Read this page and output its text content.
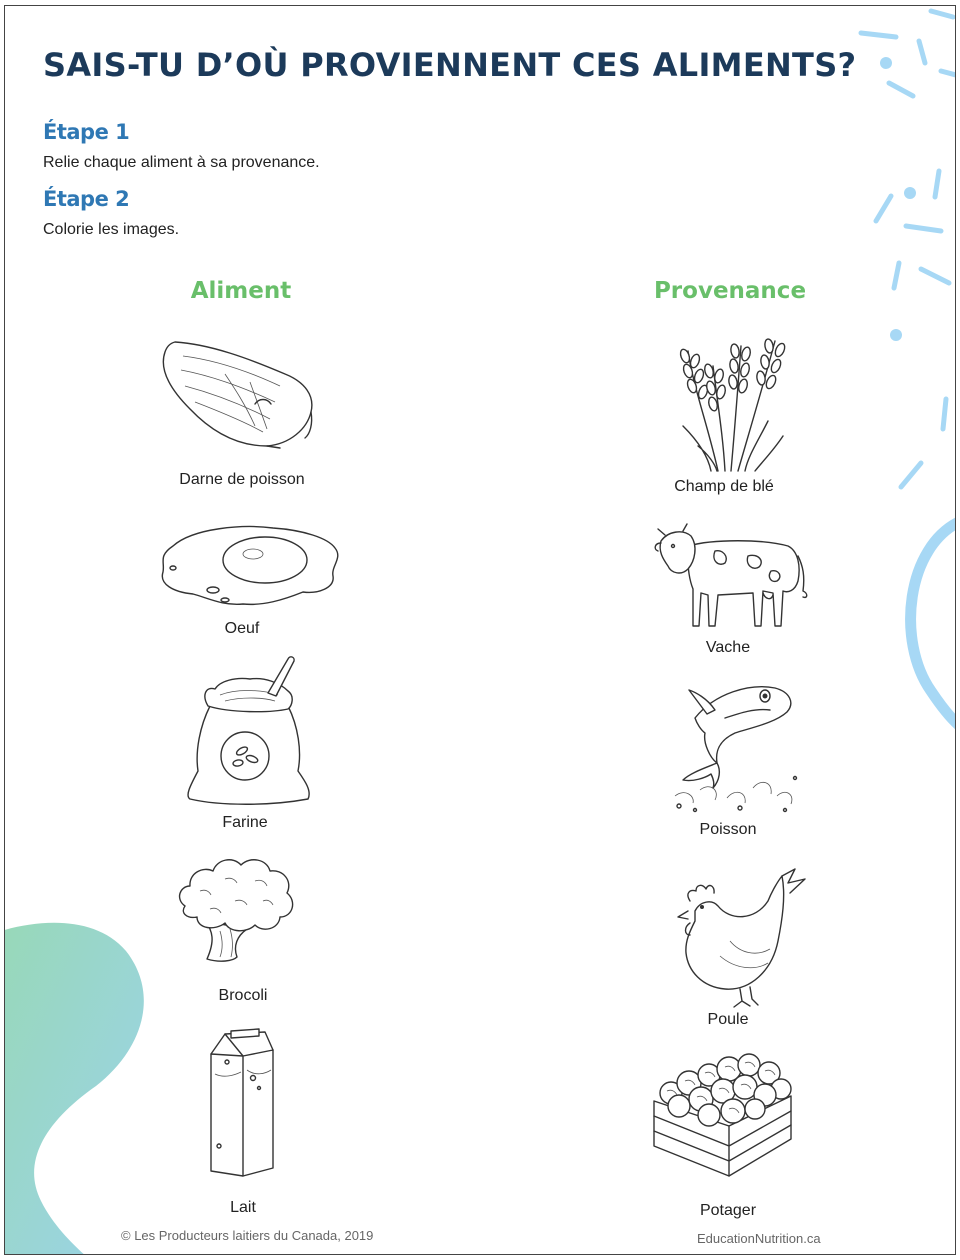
SAIS-TU D’OÙ PROVIENNENT CES ALIMENTS?
Étape 1
Relie chaque aliment à sa provenance.
Étape 2
Colorie les images.
Aliment	Provenance
Darne de poisson
Oeuf
Farine
Brocoli
Lait
Champ de blé
Vache
Poisson
Poule
Potager
© Les Producteurs laitiers du Canada, 2019	EducationNutrition.ca
